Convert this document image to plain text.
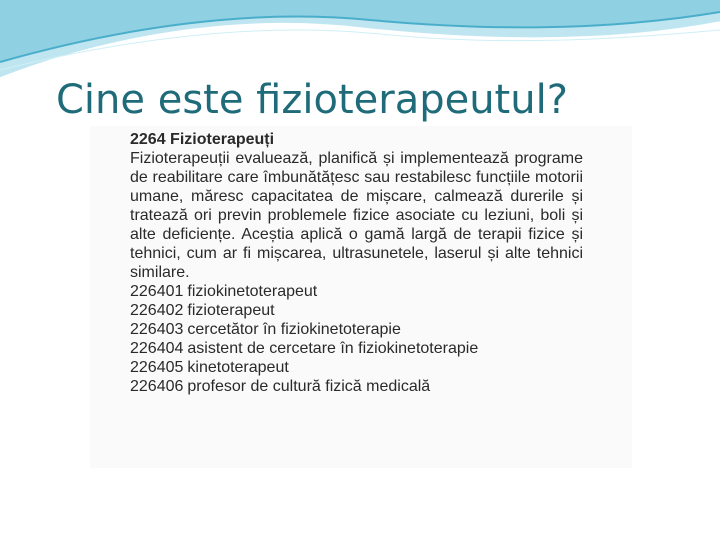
Cine este fizioterapeutul?
2264 Fizioterapeuți
Fizioterapeuții evaluează, planifică și implementează programe de reabilitare care îmbunătățesc sau restabilesc funcțiile motorii umane, măresc capacitatea de mișcare, calmează durerile și tratează ori previn problemele fizice asociate cu leziuni, boli și alte deficiențe. Aceștia aplică o gamă largă de terapii fizice și tehnici, cum ar fi mișcarea, ultrasunetele, laserul și alte tehnici similare.
226401 fiziokinetoterapeut
226402 fizioterapeut
226403 cercetător în fiziokinetoterapie
226404 asistent de cercetare în fiziokinetoterapie
226405 kinetoterapeut
226406 profesor de cultură fizică medicală
